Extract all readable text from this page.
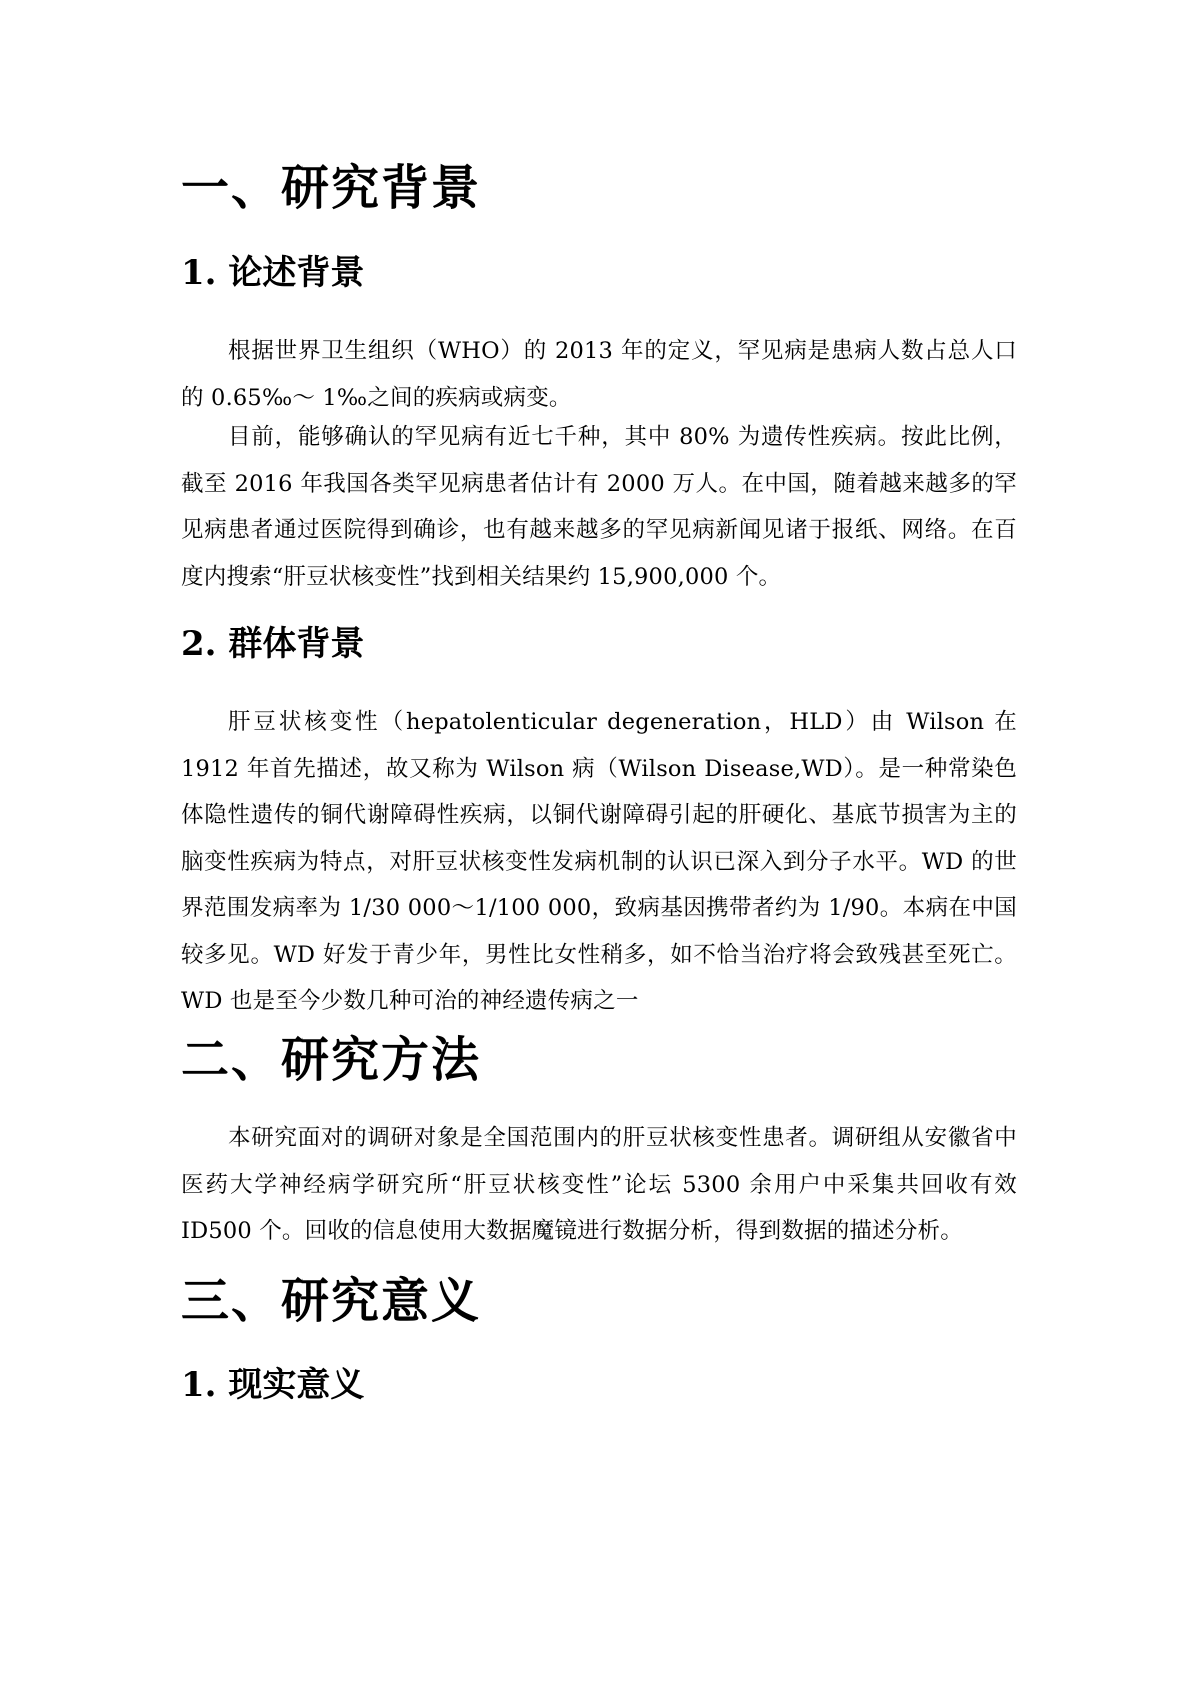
一、研究背景
1. 论述背景

根据世界卫生组织（WHO）的 2013 年的定义，罕见病是患病人数占总人口的 0.65‰～ 1‰之间的疾病或病变。

目前，能够确认的罕见病有近七千种，其中 80% 为遗传性疾病。按此比例，截至 2016 年我国各类罕见病患者估计有 2000 万人。在中国，随着越来越多的罕见病患者通过医院得到确诊，也有越来越多的罕见病新闻见诸于报纸、网络。在百度内搜索“肝豆状核变性”找到相关结果约 15,900,000 个。

2. 群体背景

肝豆状核变性（hepatolenticular degeneration，HLD）由 Wilson 在 1912 年首先描述，故又称为 Wilson 病（Wilson Disease,WD）。是一种常染色体隐性遗传的铜代谢障碍性疾病，以铜代谢障碍引起的肝硬化、基底节损害为主的脑变性疾病为特点，对肝豆状核变性发病机制的认识已深入到分子水平。WD 的世界范围发病率为 1/30 000～1/100 000，致病基因携带者约为 1/90。本病在中国较多见。WD 好发于青少年，男性比女性稍多，如不恰当治疗将会致残甚至死亡。WD 也是至今少数几种可治的神经遗传病之一

二、研究方法

本研究面对的调研对象是全国范围内的肝豆状核变性患者。调研组从安徽省中医药大学神经病学研究所“肝豆状核变性”论坛 5300 余用户中采集共回收有效 ID500 个。回收的信息使用大数据魔镜进行数据分析，得到数据的描述分析。

三、研究意义
1. 现实意义
